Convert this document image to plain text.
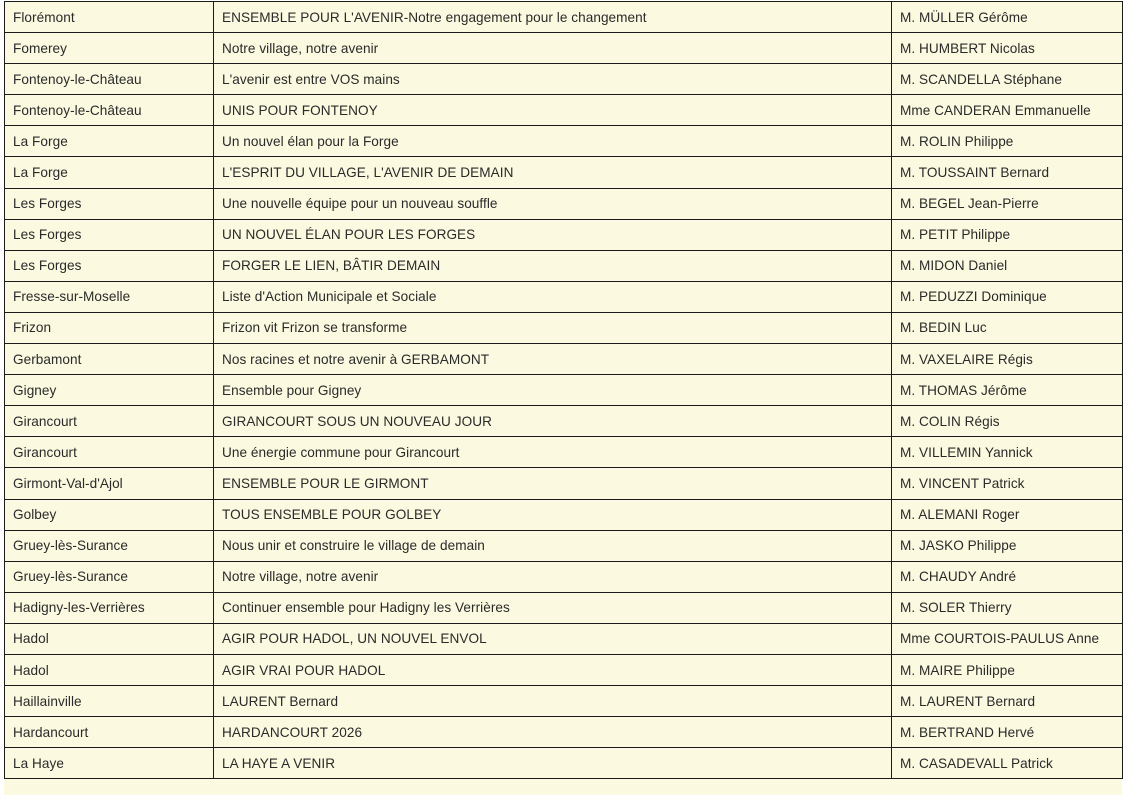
Florémont	ENSEMBLE POUR L'AVENIR-Notre engagement pour le changement	M. MÜLLER Gérôme
Fomerey	Notre village, notre avenir	M. HUMBERT Nicolas
Fontenoy-le-Château	L'avenir est entre VOS mains	M. SCANDELLA Stéphane
Fontenoy-le-Château	UNIS POUR FONTENOY	Mme CANDERAN Emmanuelle
La Forge	Un nouvel élan pour la Forge	M. ROLIN Philippe
La Forge	L'ESPRIT DU VILLAGE, L'AVENIR DE DEMAIN	M. TOUSSAINT Bernard
Les Forges	Une nouvelle équipe pour un nouveau souffle	M. BEGEL Jean-Pierre
Les Forges	UN NOUVEL ÉLAN POUR LES FORGES	M. PETIT Philippe
Les Forges	FORGER LE LIEN, BÂTIR DEMAIN	M. MIDON Daniel
Fresse-sur-Moselle	Liste d'Action Municipale et Sociale	M. PEDUZZI Dominique
Frizon	Frizon vit Frizon se transforme	M. BEDIN Luc
Gerbamont	Nos racines et notre avenir à GERBAMONT	M. VAXELAIRE Régis
Gigney	Ensemble pour Gigney	M. THOMAS Jérôme
Girancourt	GIRANCOURT SOUS UN NOUVEAU JOUR	M. COLIN Régis
Girancourt	Une énergie commune pour Girancourt	M. VILLEMIN Yannick
Girmont-Val-d'Ajol	ENSEMBLE POUR LE GIRMONT	M. VINCENT Patrick
Golbey	TOUS ENSEMBLE POUR GOLBEY	M. ALEMANI Roger
Gruey-lès-Surance	Nous unir et construire le village de demain	M. JASKO Philippe
Gruey-lès-Surance	Notre village, notre avenir	M. CHAUDY André
Hadigny-les-Verrières	Continuer ensemble pour Hadigny les Verrières	M. SOLER Thierry
Hadol	AGIR POUR HADOL, UN NOUVEL ENVOL	Mme COURTOIS-PAULUS Anne
Hadol	AGIR VRAI POUR HADOL	M. MAIRE Philippe
Haillainville	LAURENT Bernard	M. LAURENT Bernard
Hardancourt	HARDANCOURT 2026	M. BERTRAND Hervé
La Haye	LA HAYE A VENIR	M. CASADEVALL Patrick
